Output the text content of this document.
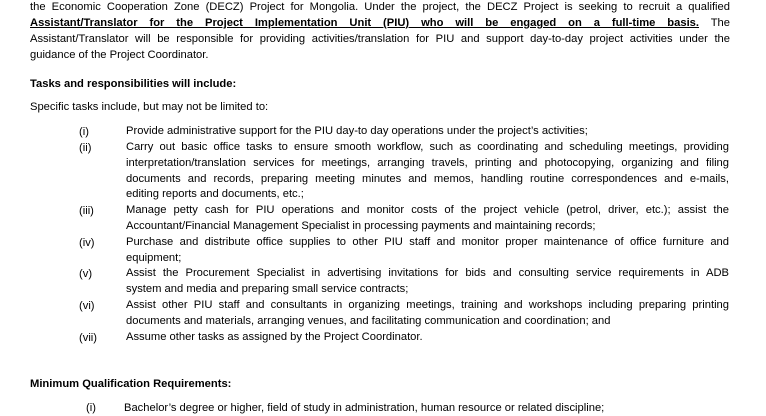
the Economic Cooperation Zone (DECZ) Project for Mongolia. Under the project, the DECZ Project is seeking to recruit a qualified
Assistant/Translator for the Project Implementation Unit (PIU) who will be engaged on a full-time basis. The
Assistant/Translator will be responsible for providing activities/translation for PIU and support day-to-day project activities under the
guidance of the Project Coordinator.
Tasks and responsibilities will include:
Specific tasks include, but may not be limited to:
(i)	Provide administrative support for the PIU day-to day operations under the project’s activities;
(ii)	Carry out basic office tasks to ensure smooth workflow, such as coordinating and scheduling meetings, providing
interpretation/translation services for meetings, arranging travels, printing and photocopying, organizing and filing
documents and records, preparing meeting minutes and memos, handling routine correspondences and e-mails,
editing reports and documents, etc.;
(iii)	Manage petty cash for PIU operations and monitor costs of the project vehicle (petrol, driver, etc.); assist the
Accountant/Financial Management Specialist in processing payments and maintaining records;
(iv)	Purchase and distribute office supplies to other PIU staff and monitor proper maintenance of office furniture and
equipment;
(v)	Assist the Procurement Specialist in advertising invitations for bids and consulting service requirements in ADB
system and media and preparing small service contracts;
(vi)	Assist other PIU staff and consultants in organizing meetings, training and workshops including preparing printing
documents and materials, arranging venues, and facilitating communication and coordination; and
(vii)	Assume other tasks as assigned by the Project Coordinator.
Minimum Qualification Requirements:
(i)	Bachelor’s degree or higher, field of study in administration, human resource or related discipline;
